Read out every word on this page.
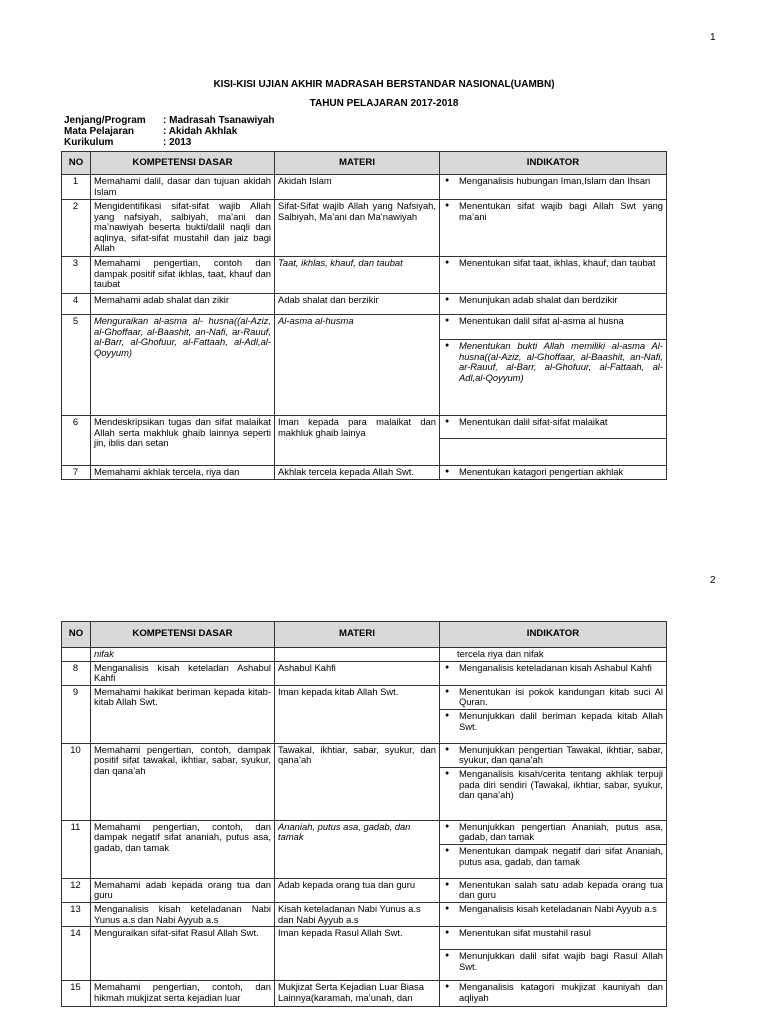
1
KISI-KISI UJIAN AKHIR MADRASAH BERSTANDAR NASIONAL(UAMBN)
TAHUN PELAJARAN 2017-2018
Jenjang/Program	: Madrasah Tsanawiyah
Mata Pelajaran	: Akidah Akhlak
Kurikulum	: 2013
NO	KOMPETENSI DASAR	MATERI	INDIKATOR
1	Memahami dalil, dasar dan tujuan akidah Islam	Akidah Islam	● Menganalisis hubungan Iman,Islam dan Ihsan

2	Mengidentifikasi sifat-sifat wajib Allah yang nafsiyah, salbiyah, ma’ani dan ma’nawiyah beserta bukti/dalil naqli dan aqlinya, sifat-sifat mustahil dan jaiz bagi Allah	Sifat-Sifat wajib Allah yang Nafsiyah, Salbiyah, Ma’ani dan Ma’nawiyah	● Menentukan sifat wajib bagi Allah Swt yang ma’ani

3	Memahami pengertian, contoh dan dampak positif sifat ikhlas, taat, khauf dan taubat	Taat, ikhlas, khauf, dan taubat	● Menentukan sifat taat, ikhlas, khauf, dan taubat

4	Memahami adab shalat dan zikir	Adab shalat dan berzikir	● Menunjukan adab shalat dan berdzikir

5	Menguraikan al-asma al- husna((al-Aziz, al-Ghoffaar, al-Baashit, an-Nafi, ar-Rauuf, al-Barr, al-Ghofuur, al-Fattaah, al-Adl,al-Qoyyum)	Al-asma al-husma	● Menentukan dalil sifat al-asma al husna
● Menentukan bukti Allah memiliki al-asma Al-husna((al-Aziz, al-Ghoffaar, al-Baashit, an-Nafi, ar-Rauuf, al-Barr, al-Ghofuur, al-Fattaah, al-Adl,al-Qoyyum)

6	Mendeskripsikan tugas dan sifat malaikat Allah serta makhluk ghaib lainnya seperti jin, iblis dan setan	Iman kepada para malaikat dan makhluk ghaib lainya	● Menentukan dalil sifat-sifat malaikat

7	Memahami akhlak tercela, riya dan	Akhlak tercela kepada Allah Swt.	● Menentukan katagori pengertian akhlak
2
NO	KOMPETENSI DASAR	MATERI	INDIKATOR
	nifak		tercela riya dan nifak
8	Menganalisis kisah keteladan Ashabul Kahfi	Ashabul Kahfi	● Menganalisis keteladanan kisah Ashabul Kahfi

9	Memahami hakikat beriman kepada kitab-kitab Allah Swt.	Iman kepada kitab Allah Swt.	● Menentukan isi pokok kandungan kitab suci Al Quran.
● Menunjukkan dalil beriman kepada kitab Allah Swt.

10	Memahami pengertian, contoh, dampak positif sifat tawakal, ikhtiar, sabar, syukur, dan qana’ah	Tawakal, ikhtiar, sabar, syukur, dan qana’ah	● Menunjukkan pengertian Tawakal, ikhtiar, sabar, syukur, dan qana’ah
● Menganalisis kisah/cerita tentang akhlak terpuji pada diri sendiri (Tawakal, ikhtiar, sabar, syukur, dan qana’ah)

11	Memahami pengertian, contoh, dan dampak negatif sifat ananiah, putus asa, gadab, dan tamak	Ananiah, putus asa, gadab, dan tamak	● Menunjukkan pengertian Ananiah, putus asa, gadab, dan tamak
● Menentukan dampak negatif dari sifat Ananiah, putus asa, gadab, dan tamak

12	Memahami adab kepada orang tua dan guru	Adab kepada orang tua dan guru	● Menentukan salah satu adab kepada orang tua dan guru

13	Menganalisis kisah keteladanan Nabi Yunus a.s dan Nabi Ayyub a.s	Kisah keteladanan Nabi Yunus a.s dan Nabi Ayyub a.s	● Menganalisis kisah keteladanan Nabi Ayyub a.s

14	Menguraikan sifat-sifat Rasul Allah Swt.	Iman kepada Rasul Allah Swt.	● Menentukan sifat mustahil rasul
● Menunjukkan dalil sifat wajib bagi Rasul Allah Swt.

15	Memahami pengertian, contoh, dan hikmah mukjizat serta kejadian luar	Mukjizat Serta Kejadian Luar Biasa Lainnya(karamah, ma’unah, dan	● Menganalisis katagori mukjizat kauniyah dan aqliyah
